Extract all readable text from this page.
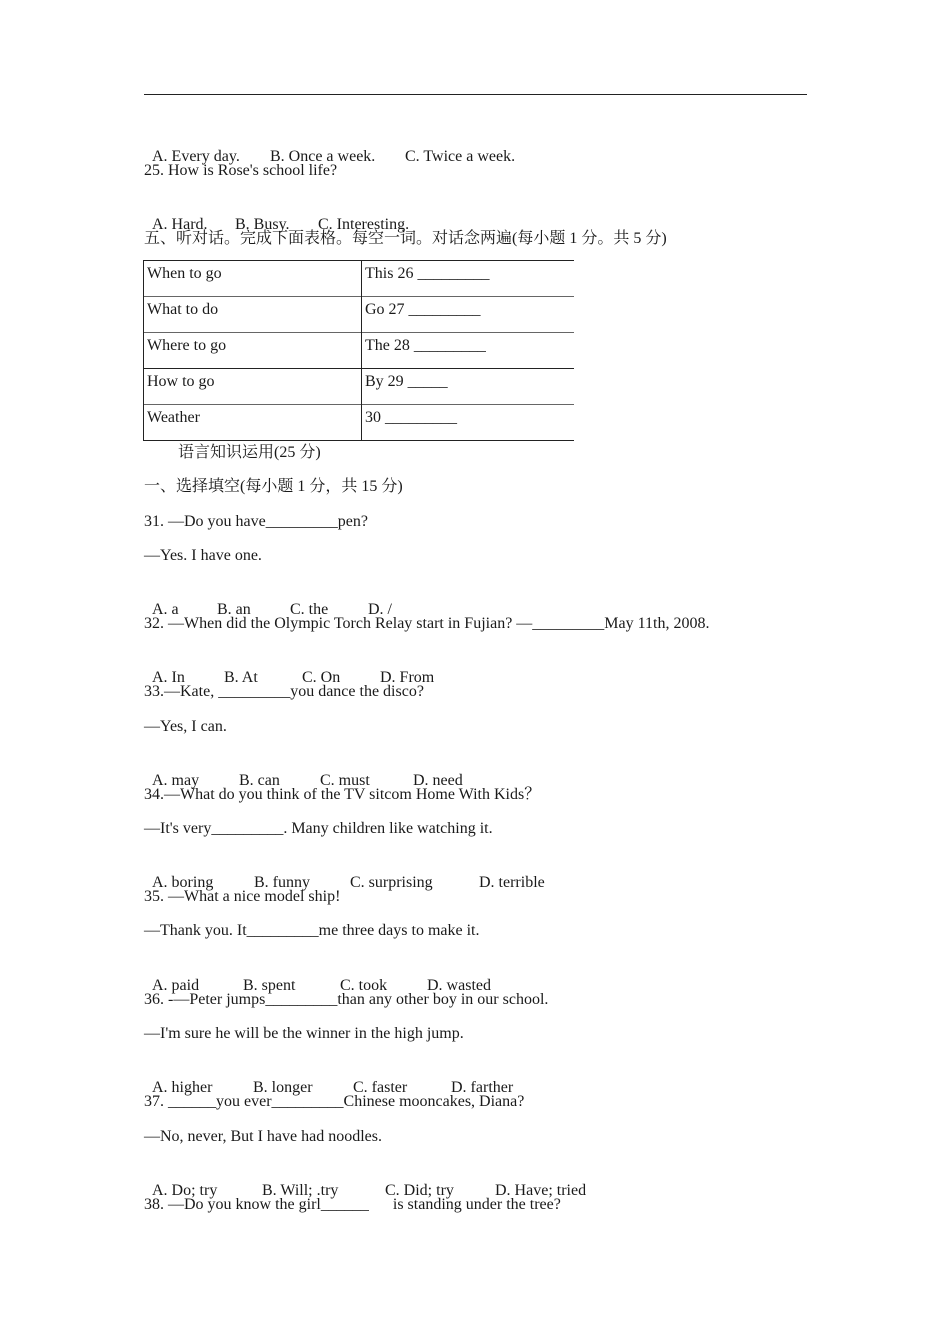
A. Every day. B. Once a week. C. Twice a week.

25. How is Rose's school life?

A. Hard. B. Busy. C. Interesting.

五、听对话。完成下面表格。每空一词。对话念两遍(每小题 1 分。共 5 分)
When to go	This 26 _________
What to do	Go 27 _________
Where to go	The 28 _________
How to go	By 29 _____
Weather	30 _________
语言知识运用(25 分)
一、选择填空(每小题 1 分，共 15 分)
31. —Do you have_________pen?
—Yes. I have one.

A. a B. an C. the D. /

32. —When did the Olympic Torch Relay start in Fujian? —_________May 11th, 2008.

A. In B. At	C. On D. From

33.—Kate, _________you dance the disco?
—Yes, I can.

A. may B. can	C. must	D. need

34.—What do you think of the TV sitcom Home With Kids？
—It's very_________. Many children like watching it.

A. boring	B. funny	C. surprising	D. terrible

35. —What a nice model ship!
—Thank you. It_________me three days to make it.

A. paid	B. spent	C. took D. wasted

36. -—Peter jumps_________than any other boy in our school.
—I'm sure he will be the winner in the high jump.

A. higher	B. longer	C. faster	D. farther

37. ______you ever_________Chinese mooncakes, Diana?
—No, never, But I have had noodles.

A. Do; try	B. Will; .try	C. Did; try	D. Have; tried

38. —Do you know the girl______      is standing under the tree?
